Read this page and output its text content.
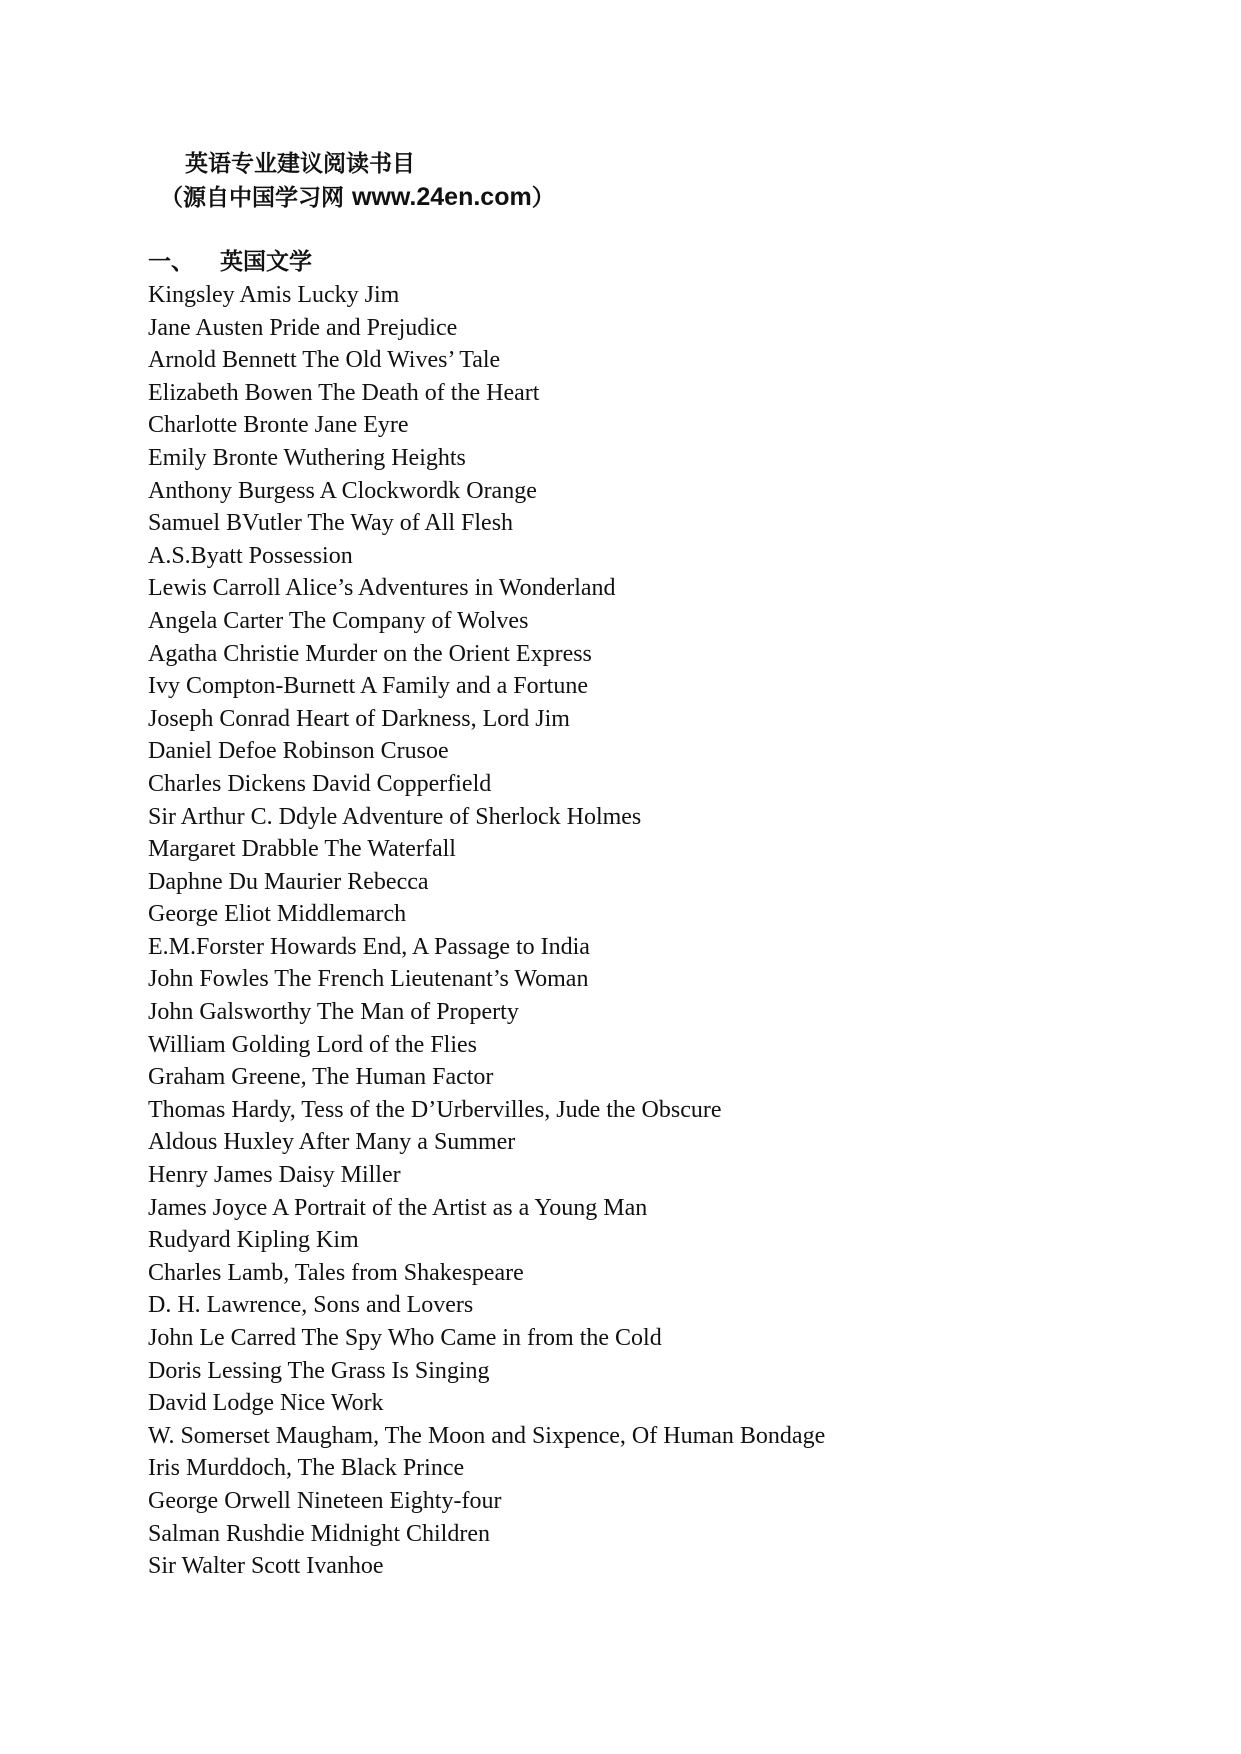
英语专业建议阅读书目
（源自中国学习网 www.24en.com）
一、 英国文学
Kingsley Amis Lucky Jim
Jane Austen Pride and Prejudice
Arnold Bennett The Old Wives’ Tale
Elizabeth Bowen The Death of the Heart
Charlotte Bronte Jane Eyre
Emily Bronte Wuthering Heights
Anthony Burgess A Clockwordk Orange
Samuel BVutler The Way of All Flesh
A.S.Byatt Possession
Lewis Carroll Alice’s Adventures in Wonderland
Angela Carter The Company of Wolves
Agatha Christie Murder on the Orient Express
Ivy Compton-Burnett A Family and a Fortune
Joseph Conrad Heart of Darkness, Lord Jim
Daniel Defoe Robinson Crusoe
Charles Dickens David Copperfield
Sir Arthur C. Ddyle Adventure of Sherlock Holmes
Margaret Drabble The Waterfall
Daphne Du Maurier Rebecca
George Eliot Middlemarch
E.M.Forster Howards End, A Passage to India
John Fowles The French Lieutenant’s Woman
John Galsworthy The Man of Property
William Golding Lord of the Flies
Graham Greene, The Human Factor
Thomas Hardy, Tess of the D’Urbervilles, Jude the Obscure
Aldous Huxley After Many a Summer
Henry James Daisy Miller
James Joyce A Portrait of the Artist as a Young Man
Rudyard Kipling Kim
Charles Lamb, Tales from Shakespeare
D. H. Lawrence, Sons and Lovers
John Le Carred The Spy Who Came in from the Cold
Doris Lessing The Grass Is Singing
David Lodge Nice Work
W. Somerset Maugham, The Moon and Sixpence, Of Human Bondage
Iris Murddoch, The Black Prince
George Orwell Nineteen Eighty-four
Salman Rushdie Midnight Children
Sir Walter Scott Ivanhoe
